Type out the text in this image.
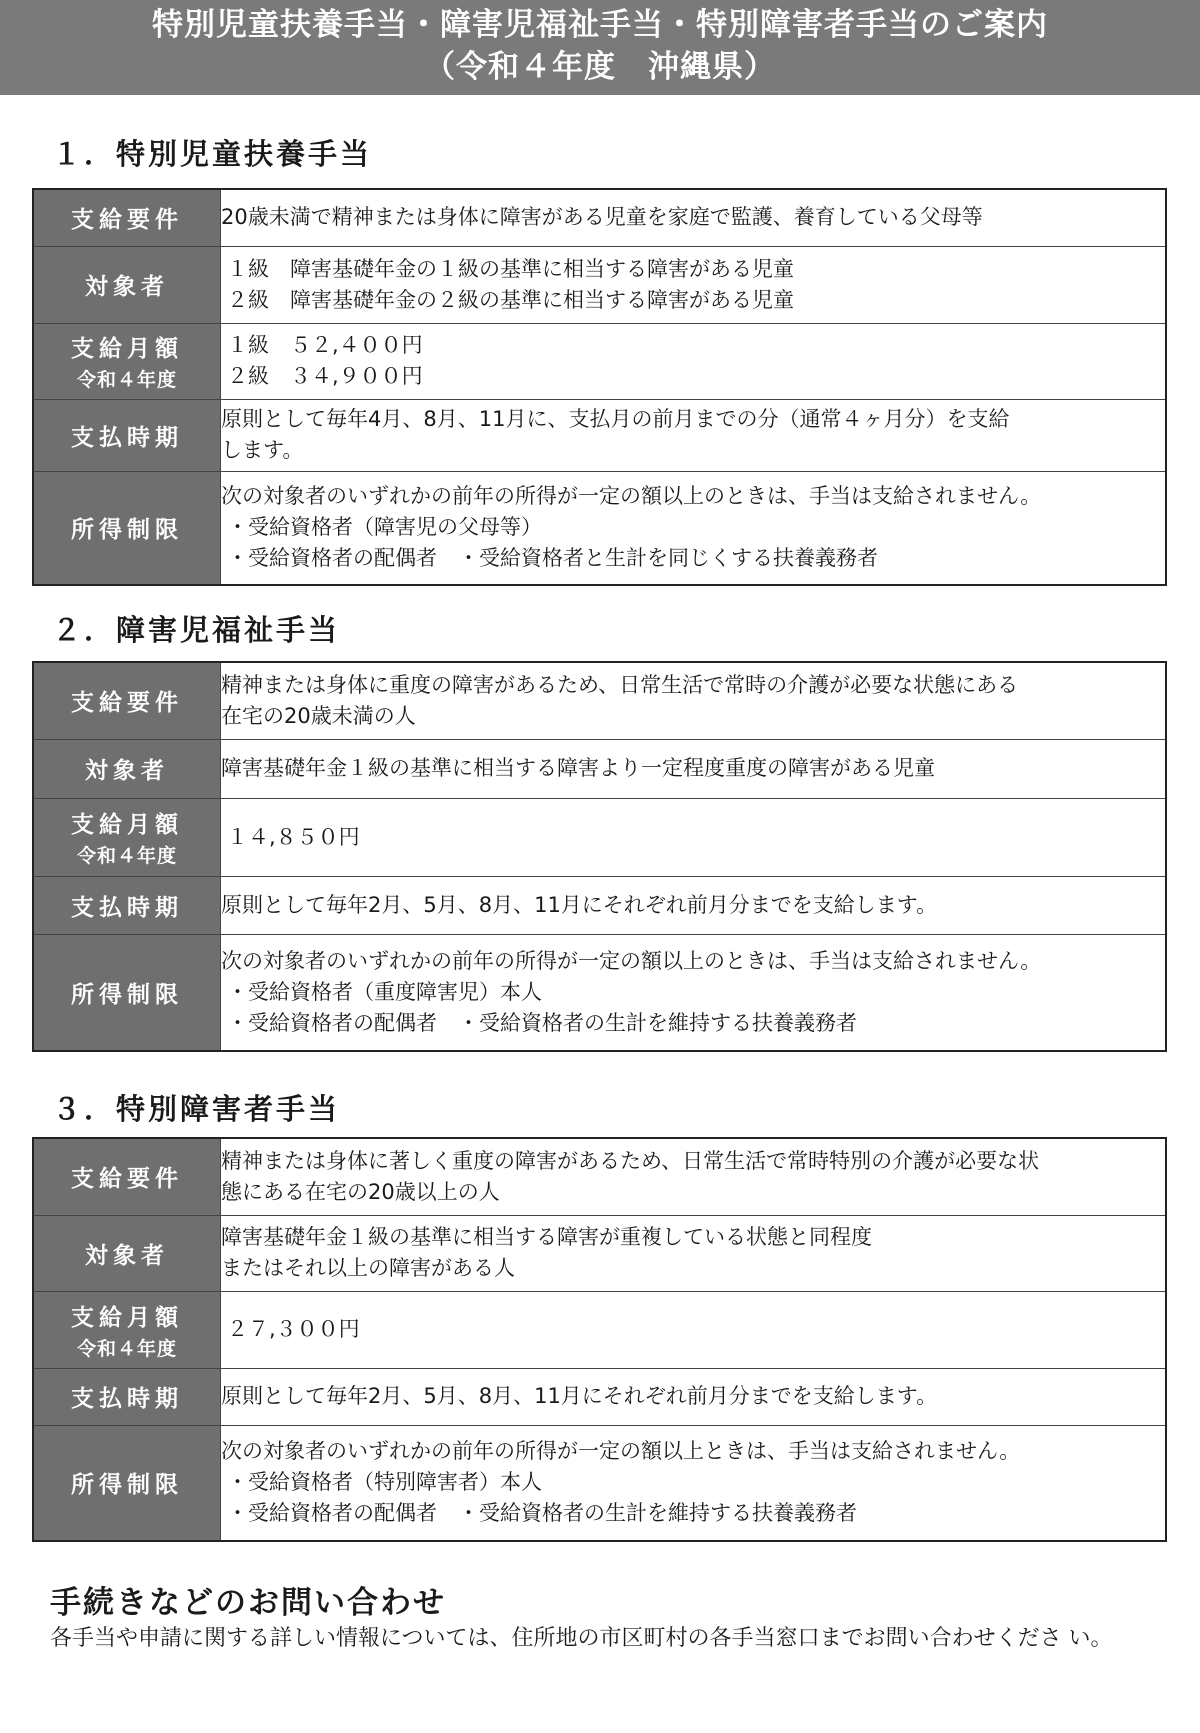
特別児童扶養手当・障害児福祉手当・特別障害者手当のご案内
（令和４年度　沖縄県）
１．特別児童扶養手当
支給要件	20歳未満で精神または身体に障害がある児童を家庭で監護、養育している父母等

対象者	１級　障害基礎年金の１級の基準に相当する障害がある児童
２級　障害基礎年金の２級の基準に相当する障害がある児童

支給月額
令和４年度	１級　５２,４００円
２級　３４,９００円

支払時期	原則として毎年4月、8月、11月に、支払月の前月までの分（通常４ヶ月分）を支給
します。

所得制限	次の対象者のいずれかの前年の所得が一定の額以上のときは、手当は支給されません。
・受給資格者（障害児の父母等）
・受給資格者の配偶者　・受給資格者と生計を同じくする扶養義務者
２．障害児福祉手当
支給要件	精神または身体に重度の障害があるため、日常生活で常時の介護が必要な状態にある
在宅の20歳未満の人

対象者	障害基礎年金１級の基準に相当する障害より一定程度重度の障害がある児童

支給月額
令和４年度	１４,８５０円

支払時期	原則として毎年2月、5月、8月、11月にそれぞれ前月分までを支給します。

所得制限	次の対象者のいずれかの前年の所得が一定の額以上のときは、手当は支給されません。
・受給資格者（重度障害児）本人
・受給資格者の配偶者　・受給資格者の生計を維持する扶養義務者
３．特別障害者手当
支給要件	精神または身体に著しく重度の障害があるため、日常生活で常時特別の介護が必要な状
態にある在宅の20歳以上の人

対象者	障害基礎年金１級の基準に相当する障害が重複している状態と同程度
またはそれ以上の障害がある人

支給月額
令和４年度	２７,３００円

支払時期	原則として毎年2月、5月、8月、11月にそれぞれ前月分までを支給します。

所得制限	次の対象者のいずれかの前年の所得が一定の額以上ときは、手当は支給されません。
・受給資格者（特別障害者）本人
・受給資格者の配偶者　・受給資格者の生計を維持する扶養義務者
手続きなどのお問い合わせ

各手当や申請に関する詳しい情報については、住所地の市区町村の各手当窓口までお問い合わせくださ い。
